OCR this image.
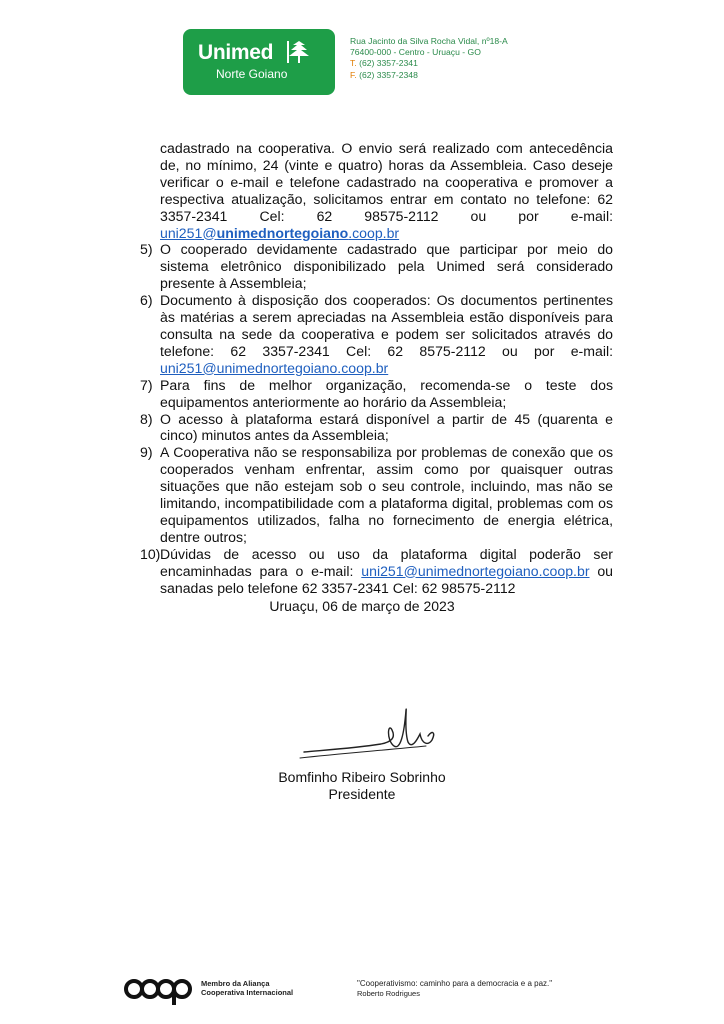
Unimed
Norte Goiano
Rua Jacinto da Silva Rocha Vidal, nº18-A
76400-000 - Centro - Uruaçu - GO
T. (62) 3357-2341
F. (62) 3357-2348
cadastrado na cooperativa. O envio será realizado com antecedência de, no mínimo, 24 (vinte e quatro) horas da Assembleia. Caso deseje verificar o e-mail e telefone cadastrado na cooperativa e promover a respectiva atualização, solicitamos entrar em contato no telefone: 62 3357-2341 Cel: 62 98575-2112 ou por e-mail: uni251@unimednortegoiano.coop.br
5) O cooperado devidamente cadastrado que participar por meio do sistema eletrônico disponibilizado pela Unimed será considerado presente à Assembleia;
6) Documento à disposição dos cooperados: Os documentos pertinentes às matérias a serem apreciadas na Assembleia estão disponíveis para consulta na sede da cooperativa e podem ser solicitados através do telefone: 62 3357-2341 Cel: 62 8575-2112 ou por e-mail: uni251@unimednortegoiano.coop.br
7) Para fins de melhor organização, recomenda-se o teste dos equipamentos anteriormente ao horário da Assembleia;
8) O acesso à plataforma estará disponível a partir de 45 (quarenta e cinco) minutos antes da Assembleia;
9) A Cooperativa não se responsabiliza por problemas de conexão que os cooperados venham enfrentar, assim como por quaisquer outras situações que não estejam sob o seu controle, incluindo, mas não se limitando, incompatibilidade com a plataforma digital, problemas com os equipamentos utilizados, falha no fornecimento de energia elétrica, dentre outros;
10) Dúvidas de acesso ou uso da plataforma digital poderão ser encaminhadas para o e-mail: uni251@unimednortegoiano.coop.br ou sanadas pelo telefone 62 3357-2341 Cel: 62 98575-2112
Uruaçu, 06 de março de 2023
Bomfinho Ribeiro Sobrinho
Presidente
Membro da Aliança
Cooperativa Internacional
"Cooperativismo: caminho para a democracia e a paz."
Roberto Rodrigues
